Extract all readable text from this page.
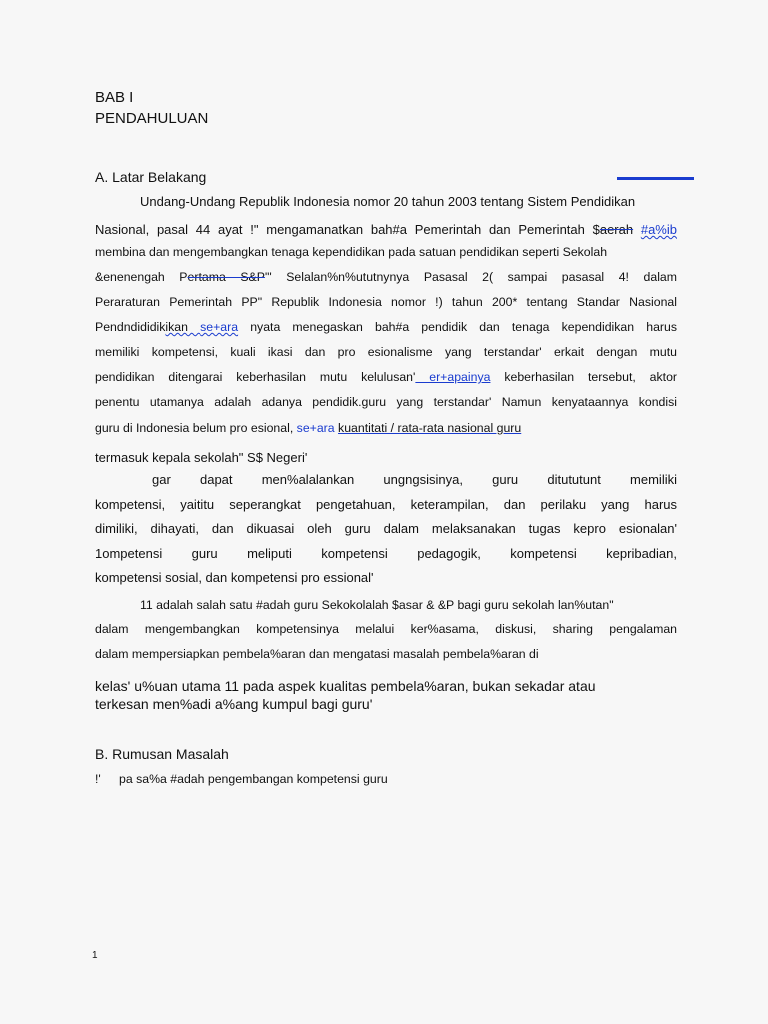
BAB I
PENDAHULUAN
A. Latar Belakang
Undang-Undang Republik Indonesia nomor 20 tahun 2003 tentang Sistem Pendidikan
Nasional, pasal 44 ayat !" mengamanatkan bah#a Pemerintah dan Pemerintah $aerah #a%ib
membina dan mengembangkan tenaga kependidikan pada satuan pendidikan seperti Sekolah
&enenengah Pertama S&P"' Selalan%n%ututnynya Pasasal 2( sampai pasasal 4! dalam
Peraraturan Pemerintah PP" Republik Indonesia nomor !) tahun 200* tentang Standar Nasional
Pendndididikikan se+ara nyata menegaskan bah#a pendidik dan tenaga kependidikan harus
memiliki kompetensi, kuali ikasi dan pro esionalisme yang terstandar' erkait dengan mutu
pendidikan ditengarai keberhasilan mutu kelulusan' er+apainya keberhasilan tersebut, aktor
penentu utamanya adalah adanya pendidik.guru yang terstandar' Namun kenyataannya kondisi
guru di Indonesia belum pro esional, se+ara kuantitati / rata-rata nasional guru
termasuk kepala sekolah" S$ Negeri'
gar dapat men%alalankan ungngsisinya, guru ditututunt memiliki
kompetensi, yaititu seperangkat pengetahuan, keterampilan, dan perilaku yang harus
dimiliki, dihayati, dan dikuasai oleh guru dalam melaksanakan tugas kepro esionalan'
1ompetensi guru meliputi kompetensi pedagogik, kompetensi kepribadian,
kompetensi sosial, dan kompetensi pro essional'
11 adalah salah satu #adah guru Sekokolalah $asar & &P bagi guru sekolah lan%utan"
dalam mengembangkan kompetensinya melalui ker%asama, diskusi, sharing pengalaman
dalam mempersiapkan pembela%aran dan mengatasi masalah pembela%aran di
kelas' u%uan utama 11 pada aspek kualitas pembela%aran, bukan sekadar atau
terkesan men%adi a%ang kumpul bagi guru'
B. Rumusan Masalah
!' pa sa%a #adah pengembangan kompetensi guru
1
